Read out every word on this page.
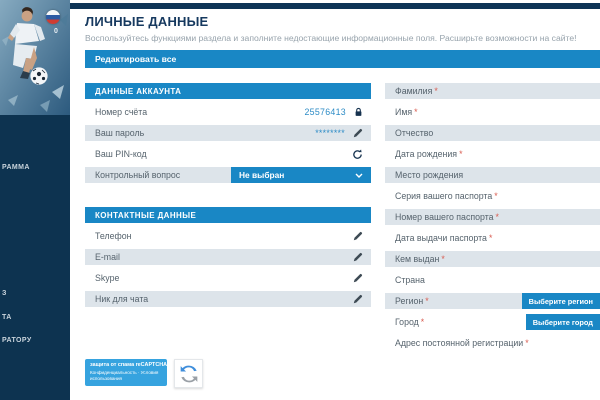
0
РАММА
З
ТА
РАТОРУ
ЛИЧНЫЕ ДАННЫЕ

Воспользуйтесь функциями раздела и заполните недостающие информационные поля. Расширьте возможности на сайте!

Редактировать все
ДАННЫЕ АККАУНТА
Номер счёта	25576413
Ваш пароль	********
Ваш PIN-код
Контрольный вопрос	Не выбран
КОНТАКТНЫЕ ДАННЫЕ
Телефон
E-mail
Skype
Ник для чата
защита от спама reCAPTCHA
Конфиденциальность · Условия использования
Фамилия *
Имя *
Отчество
Дата рождения *
Место рождения
Серия вашего паспорта *
Номер вашего паспорта *
Дата выдачи паспорта *
Кем выдан *
Страна
Регион *	Выберите регион
Город *	Выберите город
Адрес постоянной регистрации *
